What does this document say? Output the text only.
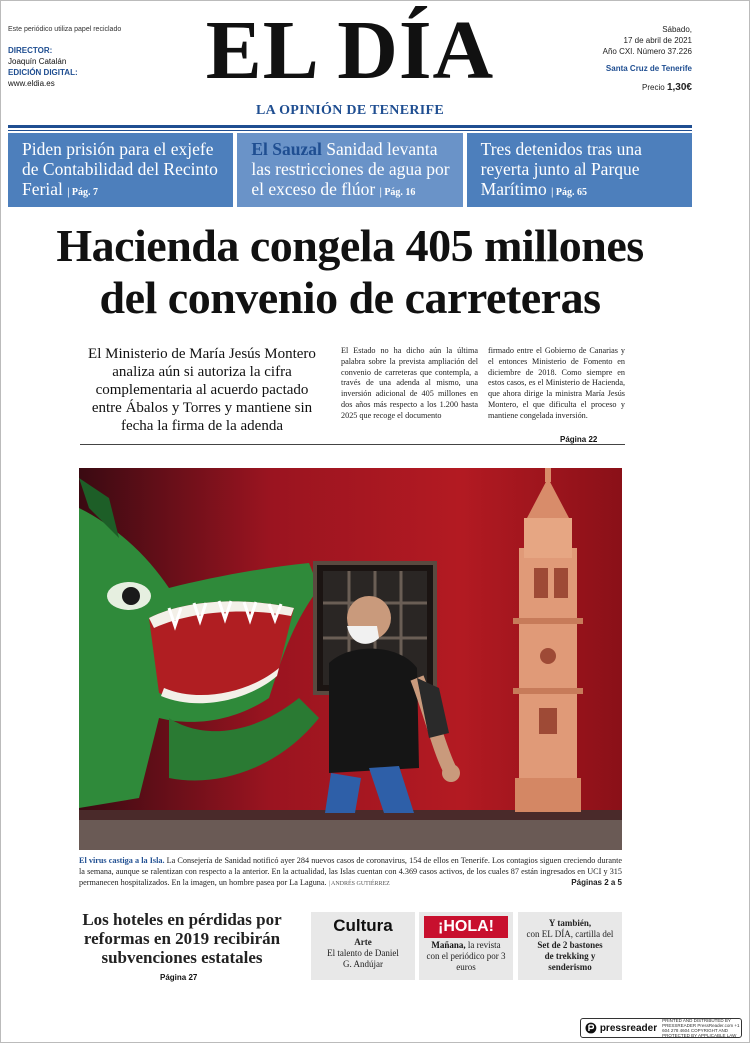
Este periódico utiliza papel reciclado
DIRECTOR:
Joaquín Catalán
EDICIÓN DIGITAL:
www.eldia.es	EL DÍA
LA OPINIÓN DE TENERIFE
Sábado,
17 de abril de 2021
Año CXI. Número 37.226
Santa Cruz de Tenerife
Precio 1,30€
Piden prisión para el exjefe de Contabilidad del Recinto Ferial | Pág. 7
El Sauzal Sanidad levanta las restricciones de agua por el exceso de flúor | Pág. 16
Tres detenidos tras una reyerta junto al Parque Marítimo | Pág. 65
Hacienda congela 405 millones
del convenio de carreteras
El Ministerio de María Jesús Montero analiza aún si autoriza la cifra complementaria al acuerdo pactado entre Ábalos y Torres y mantiene sin fecha la firma de la adenda
El Estado no ha dicho aún la última palabra sobre la prevista ampliación del convenio de carreteras que contempla, a través de una adenda al mismo, una inversión adicional de 405 millones en dos años más respecto a los 1.200 hasta 2025 que recoge el documento
firmado entre el Gobierno de Canarias y el entonces Ministerio de Fomento en diciembre de 2018. Como siempre en estos casos, es el Ministerio de Hacienda, que ahora dirige la ministra María Jesús Montero, el que dificulta el proceso y mantiene congelada inversión.
Página 22
El virus castiga a la Isla. La Consejería de Sanidad notificó ayer 284 nuevos casos de coronavirus, 154 de ellos en Tenerife. Los contagios siguen creciendo durante la semana, aunque se ralentizan con respecto a la anterior. En la actualidad, las Islas cuentan con 4.369 casos activos, de los cuales 87 están ingresados en UCI y 315 permanecen hospitalizados. En la imagen, un hombre pasea por La Laguna. | ANDRÉS GUTIÉRREZ	Páginas 2 a 5
Los hoteles en pérdidas por reformas en 2019 recibirán subvenciones estatales
Página 27
Cultura
Arte
El talento de Daniel G. Andújar
¡HOLA!
Mañana, la revista con el periódico por 3 euros
Y también,
con EL DÍA, cartilla del
Set de 2 bastones de trekking y senderismo
pressreader
PRINTED AND DISTRIBUTED BY PRESSREADER PressReader.com +1 604 278 4604 COPYRIGHT AND PROTECTED BY APPLICABLE LAW
